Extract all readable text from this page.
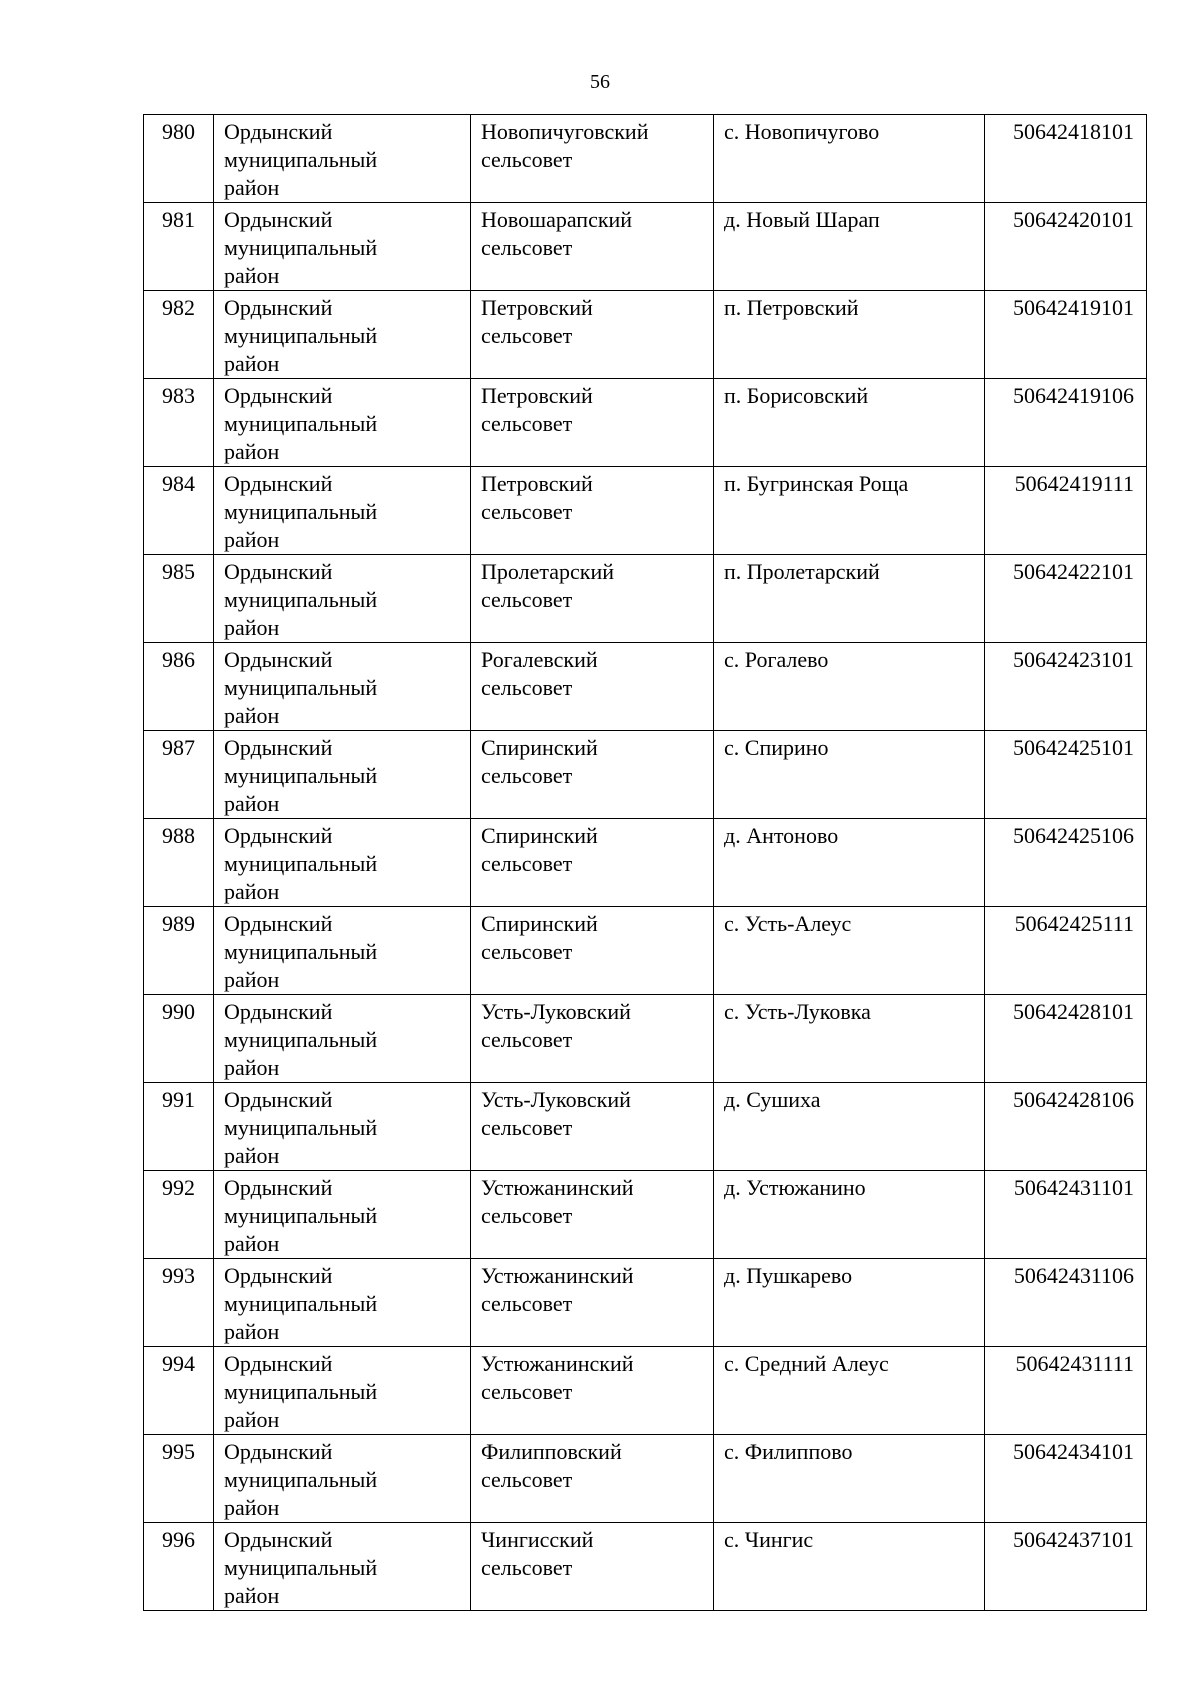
56
980	Ордынский
муниципальный
район	Новопичуговский
сельсовет	с. Новопичугово	50642418101

981	Ордынский
муниципальный
район	Новошарапский
сельсовет	д. Новый Шарап	50642420101

982	Ордынский
муниципальный
район	Петровский
сельсовет	п. Петровский	50642419101

983	Ордынский
муниципальный
район	Петровский
сельсовет	п. Борисовский	50642419106

984	Ордынский
муниципальный
район	Петровский
сельсовет	п. Бугринская Роща	50642419111

985	Ордынский
муниципальный
район	Пролетарский
сельсовет	п. Пролетарский	50642422101

986	Ордынский
муниципальный
район	Рогалевский
сельсовет	с. Рогалево	50642423101

987	Ордынский
муниципальный
район	Спиринский
сельсовет	с. Спирино	50642425101

988	Ордынский
муниципальный
район	Спиринский
сельсовет	д. Антоново	50642425106

989	Ордынский
муниципальный
район	Спиринский
сельсовет	с. Усть-Алеус	50642425111

990	Ордынский
муниципальный
район	Усть-Луковский
сельсовет	с. Усть-Луковка	50642428101

991	Ордынский
муниципальный
район	Усть-Луковский
сельсовет	д. Сушиха	50642428106

992	Ордынский
муниципальный
район	Устюжанинский
сельсовет	д. Устюжанино	50642431101

993	Ордынский
муниципальный
район	Устюжанинский
сельсовет	д. Пушкарево	50642431106

994	Ордынский
муниципальный
район	Устюжанинский
сельсовет	с. Средний Алеус	50642431111

995	Ордынский
муниципальный
район	Филипповский
сельсовет	с. Филиппово	50642434101

996	Ордынский
муниципальный
район	Чингисский
сельсовет	с. Чингис	50642437101
